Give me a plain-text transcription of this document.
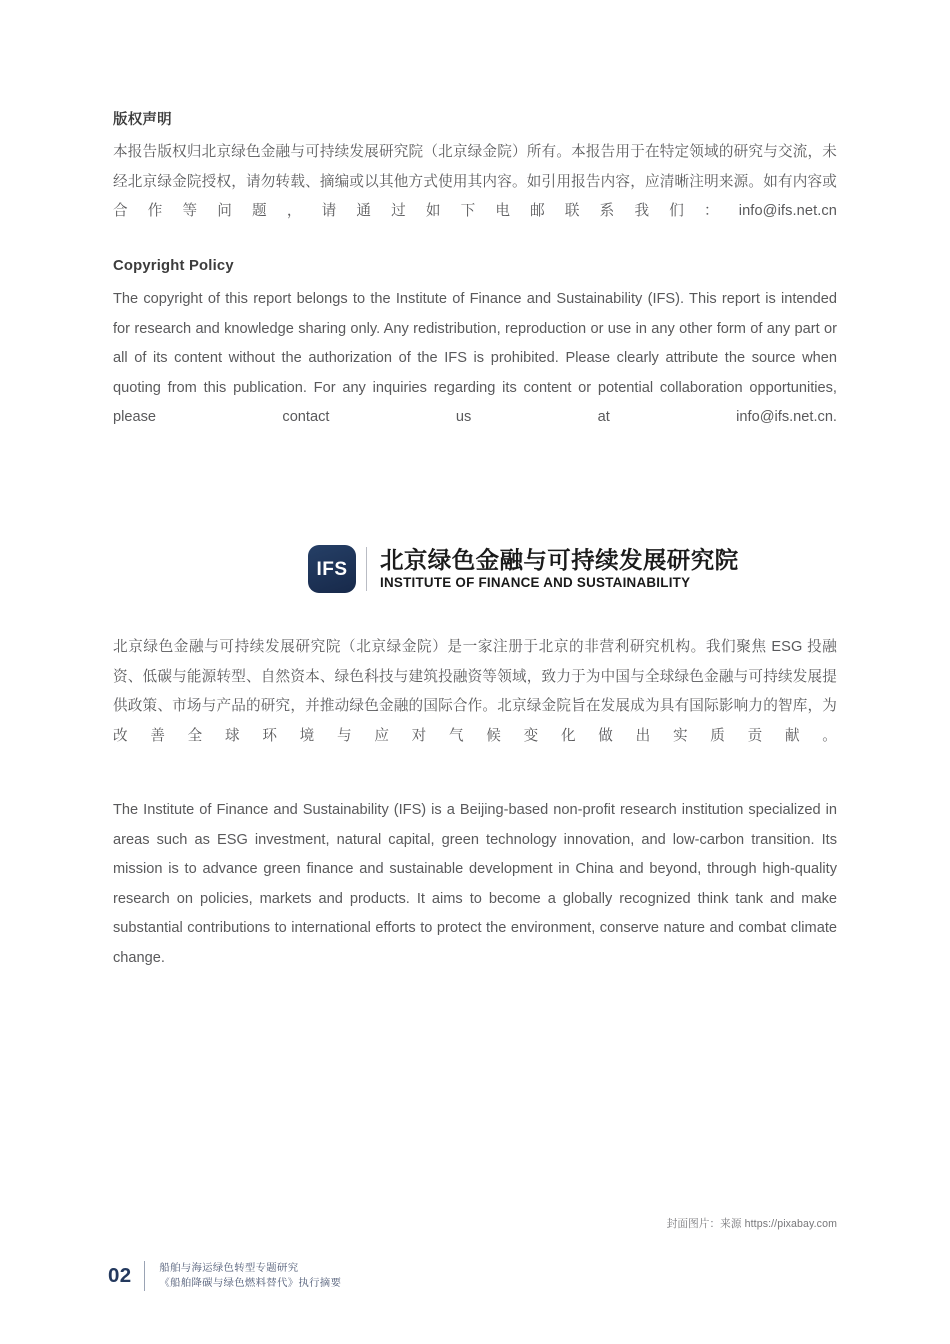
版权声明
本报告版权归北京绿色金融与可持续发展研究院（北京绿金院）所有。本报告用于在特定领域的研究与交流，未经北京绿金院授权，请勿转载、摘编或以其他方式使用其内容。如引用报告内容，应清晰注明来源。如有内容或合作等问题，请通过如下电邮联系我们：info@ifs.net.cn
Copyright Policy
The copyright of this report belongs to the Institute of Finance and Sustainability (IFS). This report is intended for research and knowledge sharing only. Any redistribution, reproduction or use in any other form of any part or all of its content without the authorization of the IFS is prohibited. Please clearly attribute the source when quoting from this publication. For any inquiries regarding its content or potential collaboration opportunities, please contact us at info@ifs.net.cn.
北京绿色金融与可持续发展研究院（北京绿金院）是一家注册于北京的非营利研究机构。我们聚焦 ESG 投融资、低碳与能源转型、自然资本、绿色科技与建筑投融资等领域，致力于为中国与全球绿色金融与可持续发展提供政策、市场与产品的研究，并推动绿色金融的国际合作。北京绿金院旨在发展成为具有国际影响力的智库，为改善全球环境与应对气候变化做出实质贡献。
The Institute of Finance and Sustainability (IFS) is a Beijing-based non-profit research institution specialized in areas such as ESG investment, natural capital, green technology innovation, and low-carbon transition. Its mission is to advance green finance and sustainable development in China and beyond, through high-quality research on policies, markets and products. It aims to become a globally recognized think tank and make substantial contributions to international efforts to protect the environment, conserve nature and combat climate change.
封面图片：来源 https://pixabay.com
IFS 北京绿色金融与可持续发展研究院
INSTITUTE OF FINANCE AND SUSTAINABILITY
02	船舶与海运绿色转型专题研究
《船舶降碳与绿色燃料替代》执行摘要
